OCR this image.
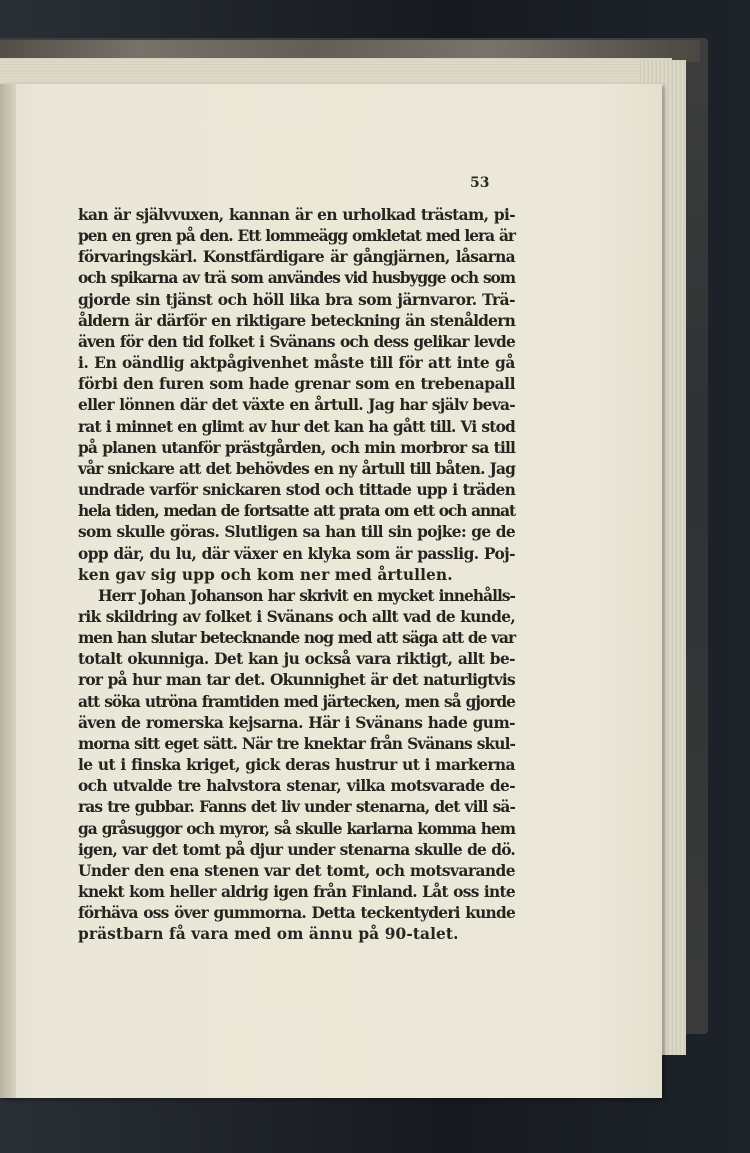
53
kan är självvuxen, kannan är en urholkad trästam, pi-
pen en gren på den. Ett lommeägg omkletat med lera är
förvaringskärl. Konstfärdigare är gångjärnen, låsarna
och spikarna av trä som användes vid husbygge och som
gjorde sin tjänst och höll lika bra som järnvaror. Trä-
åldern är därför en riktigare beteckning än stenåldern
även för den tid folket i Svänans och dess gelikar levde
i. En oändlig aktpågivenhet måste till för att inte gå
förbi den furen som hade grenar som en trebenapall
eller lönnen där det växte en årtull. Jag har själv beva-
rat i minnet en glimt av hur det kan ha gått till. Vi stod
på planen utanför prästgården, och min morbror sa till
vår snickare att det behövdes en ny årtull till båten. Jag
undrade varför snickaren stod och tittade upp i träden
hela tiden, medan de fortsatte att prata om ett och annat
som skulle göras. Slutligen sa han till sin pojke: ge de
opp där, du lu, där växer en klyka som är passlig. Poj-
ken gav sig upp och kom ner med årtullen.
Herr Johan Johanson har skrivit en mycket innehålls-
rik skildring av folket i Svänans och allt vad de kunde,
men han slutar betecknande nog med att säga att de var
totalt okunniga. Det kan ju också vara riktigt, allt be-
ror på hur man tar det. Okunnighet är det naturligtvis
att söka utröna framtiden med järtecken, men så gjorde
även de romerska kejsarna. Här i Svänans hade gum-
morna sitt eget sätt. När tre knektar från Svänans skul-
le ut i finska kriget, gick deras hustrur ut i markerna
och utvalde tre halvstora stenar, vilka motsvarade de-
ras tre gubbar. Fanns det liv under stenarna, det vill sä-
ga gråsuggor och myror, så skulle karlarna komma hem
igen, var det tomt på djur under stenarna skulle de dö.
Under den ena stenen var det tomt, och motsvarande
knekt kom heller aldrig igen från Finland. Låt oss inte
förhäva oss över gummorna. Detta teckentyderi kunde
prästbarn få vara med om ännu på 90-talet.
